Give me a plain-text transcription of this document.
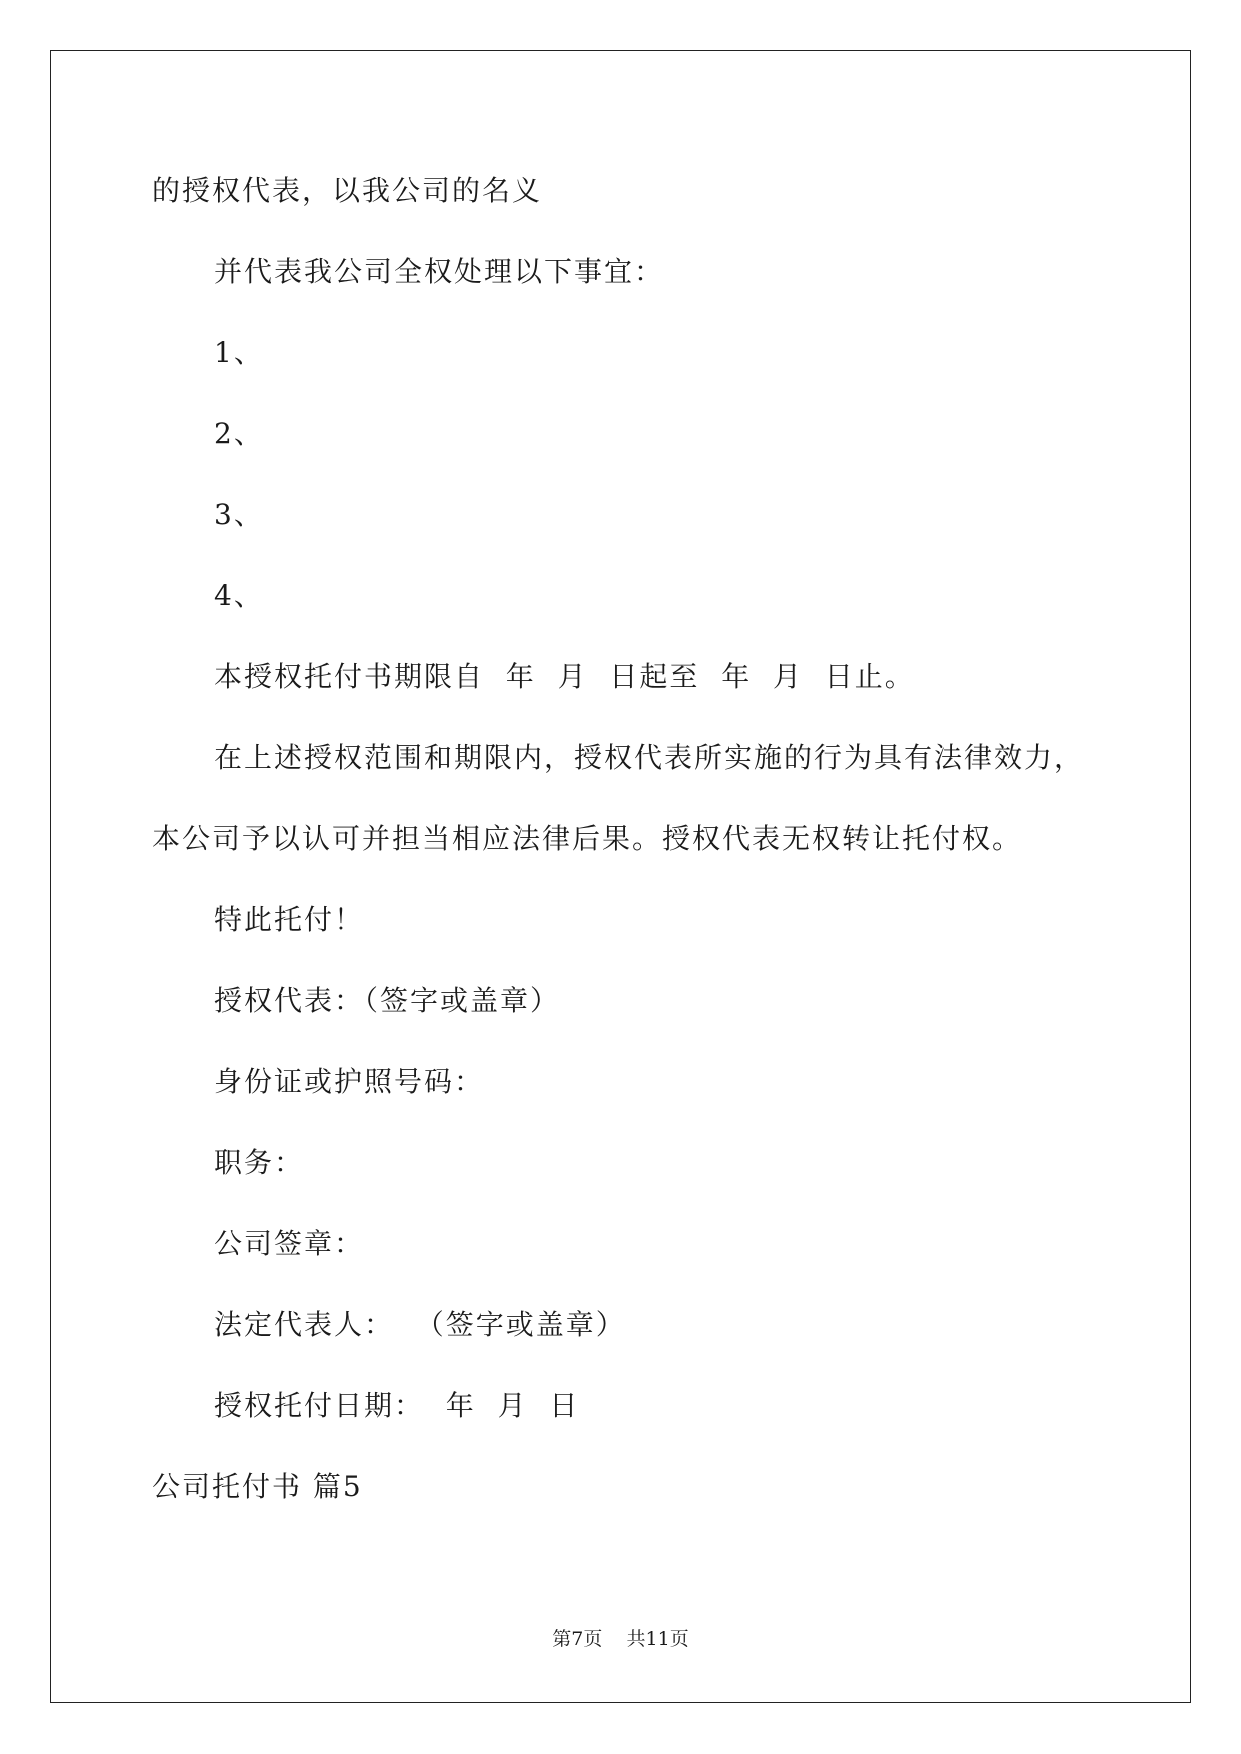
的授权代表，以我公司的名义
并代表我公司全权处理以下事宜：
1、
2、
3、
4、
本授权托付书期限自  年  月  日起至  年  月  日止。
在上述授权范围和期限内，授权代表所实施的行为具有法律效力，
本公司予以认可并担当相应法律后果。授权代表无权转让托付权。
特此托付！
授权代表：（签字或盖章）
身份证或护照号码：
职务：
公司签章：
法定代表人：  （签字或盖章）
授权托付日期：  年  月  日
公司托付书 篇5
第7页    共11页
